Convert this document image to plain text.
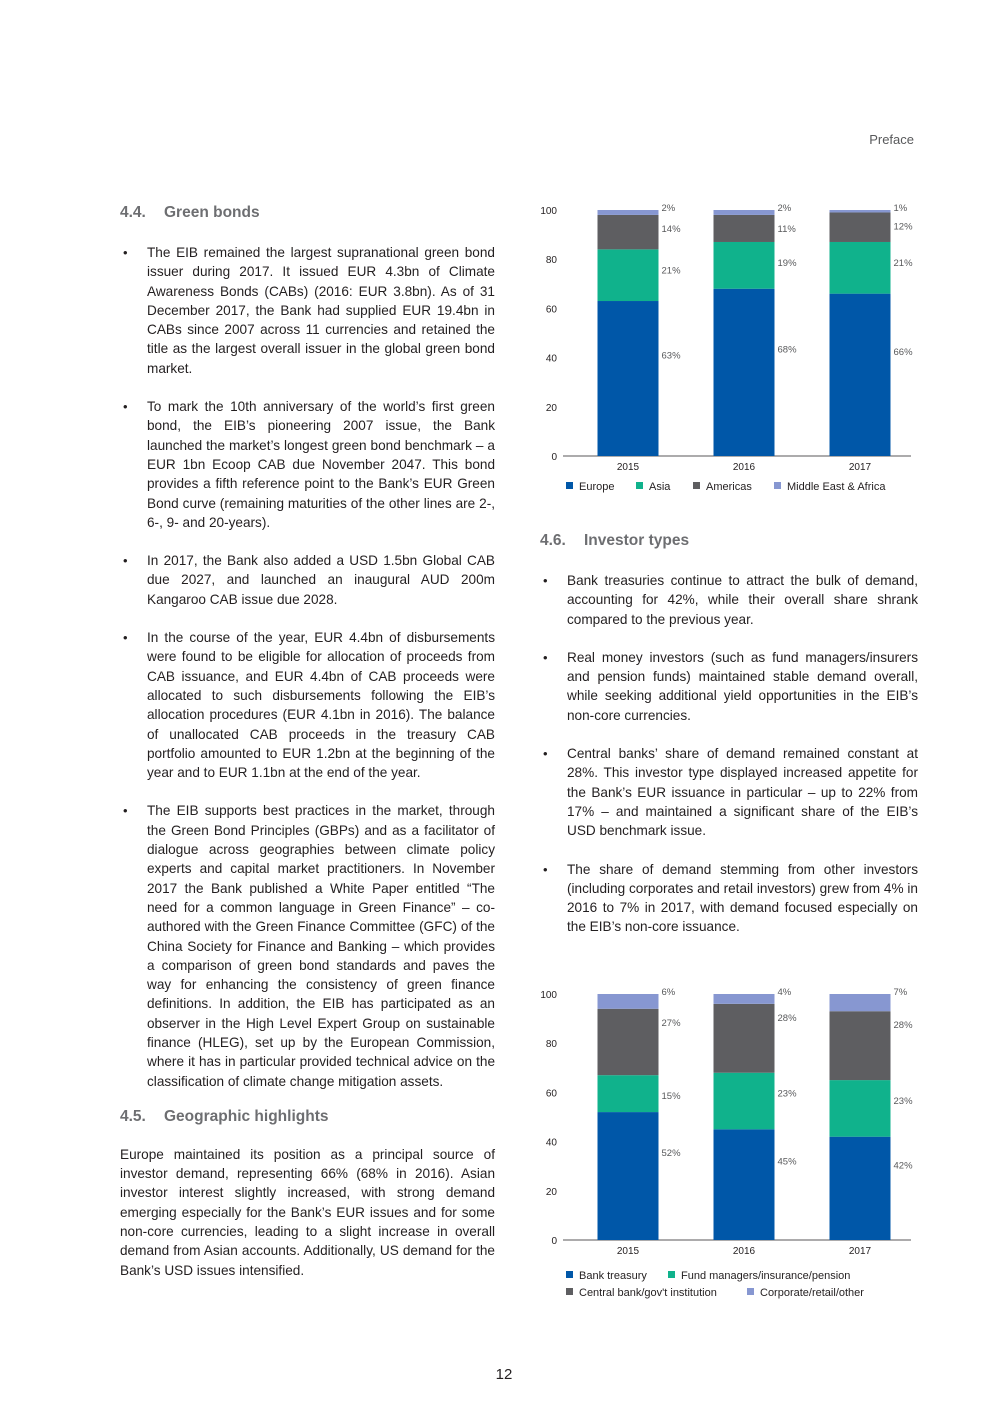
Preface
4.4. Green bonds
• The EIB remained the largest supranational green bond issuer during 2017. It issued EUR 4.3bn of Climate Awareness Bonds (CABs) (2016: EUR 3.8bn). As of 31 December 2017, the Bank had supplied EUR 19.4bn in CABs since 2007 across 11 currencies and retained the title as the largest overall issuer in the global green bond market.
• To mark the 10th anniversary of the world’s first green bond, the EIB’s pioneering 2007 issue, the Bank launched the market’s longest green bond benchmark – a EUR 1bn Ecoop CAB due November 2047. This bond provides a fifth reference point to the Bank’s EUR Green Bond curve (remaining maturities of the other lines are 2-, 6-, 9- and 20-years).
• In 2017, the Bank also added a USD 1.5bn Global CAB due 2027, and launched an inaugural AUD 200m Kangaroo CAB issue due 2028.
• In the course of the year, EUR 4.4bn of disbursements were found to be eligible for allocation of proceeds from CAB issuance, and EUR 4.4bn of CAB proceeds were allocated to such disbursements following the EIB’s allocation procedures (EUR 4.1bn in 2016). The balance of unallocated CAB proceeds in the treasury CAB portfolio amounted to EUR 1.2bn at the beginning of the year and to EUR 1.1bn at the end of the year.
• The EIB supports best practices in the market, through the Green Bond Principles (GBPs) and as a facilitator of dialogue across geographies between climate policy experts and capital market practitioners. In November 2017 the Bank published a White Paper entitled “The need for a common language in Green Finance” – co-authored with the Green Finance Committee (GFC) of the China Society for Finance and Banking – which provides a comparison of green bond standards and paves the way for enhancing the consistency of green finance definitions. In addition, the EIB has participated as an observer in the High Level Expert Group on sustainable finance (HLEG), set up by the European Commission, where it has in particular provided technical advice on the classification of climate change mitigation assets.
4.5. Geographic highlights

Europe maintained its position as a principal source of investor demand, representing 66% (68% in 2016). Asian investor interest slightly increased, with strong demand emerging especially for the Bank’s EUR issues and for some non-core currencies, leading to a slight increase in overall demand from Asian accounts. Additionally, US demand for the Bank’s USD issues intensified.

0
20
40
60
80
100
63%
21%
14%
2%
2015
68%
19%
11%
2%
2016
66%
21%
12%
1%
2017
Europe	Asia	Americas	Middle East & Africa
4.6. Investor types
• Bank treasuries continue to attract the bulk of demand, accounting for 42%, while their overall share shrank compared to the previous year.
• Real money investors (such as fund managers/insurers and pension funds) maintained stable demand overall, while seeking additional yield opportunities in the EIB’s non-core currencies.
• Central banks’ share of demand remained constant at 28%. This investor type displayed increased appetite for the Bank’s EUR issuance in particular – up to 22% from 17% – and maintained a significant share of the EIB’s USD benchmark issue.
• The share of demand stemming from other investors (including corporates and retail investors) grew from 4% in 2016 to 7% in 2017, with demand focused especially on the EIB’s non-core issuance.
0
20
40
60
80
100
52%
15%
27%
6%
2015
45%
23%
28%
4%
2016
42%
23%
28%
7%
2017
Bank treasury	Fund managers/insurance/pension
Central bank/gov't institution	Corporate/retail/other
12
